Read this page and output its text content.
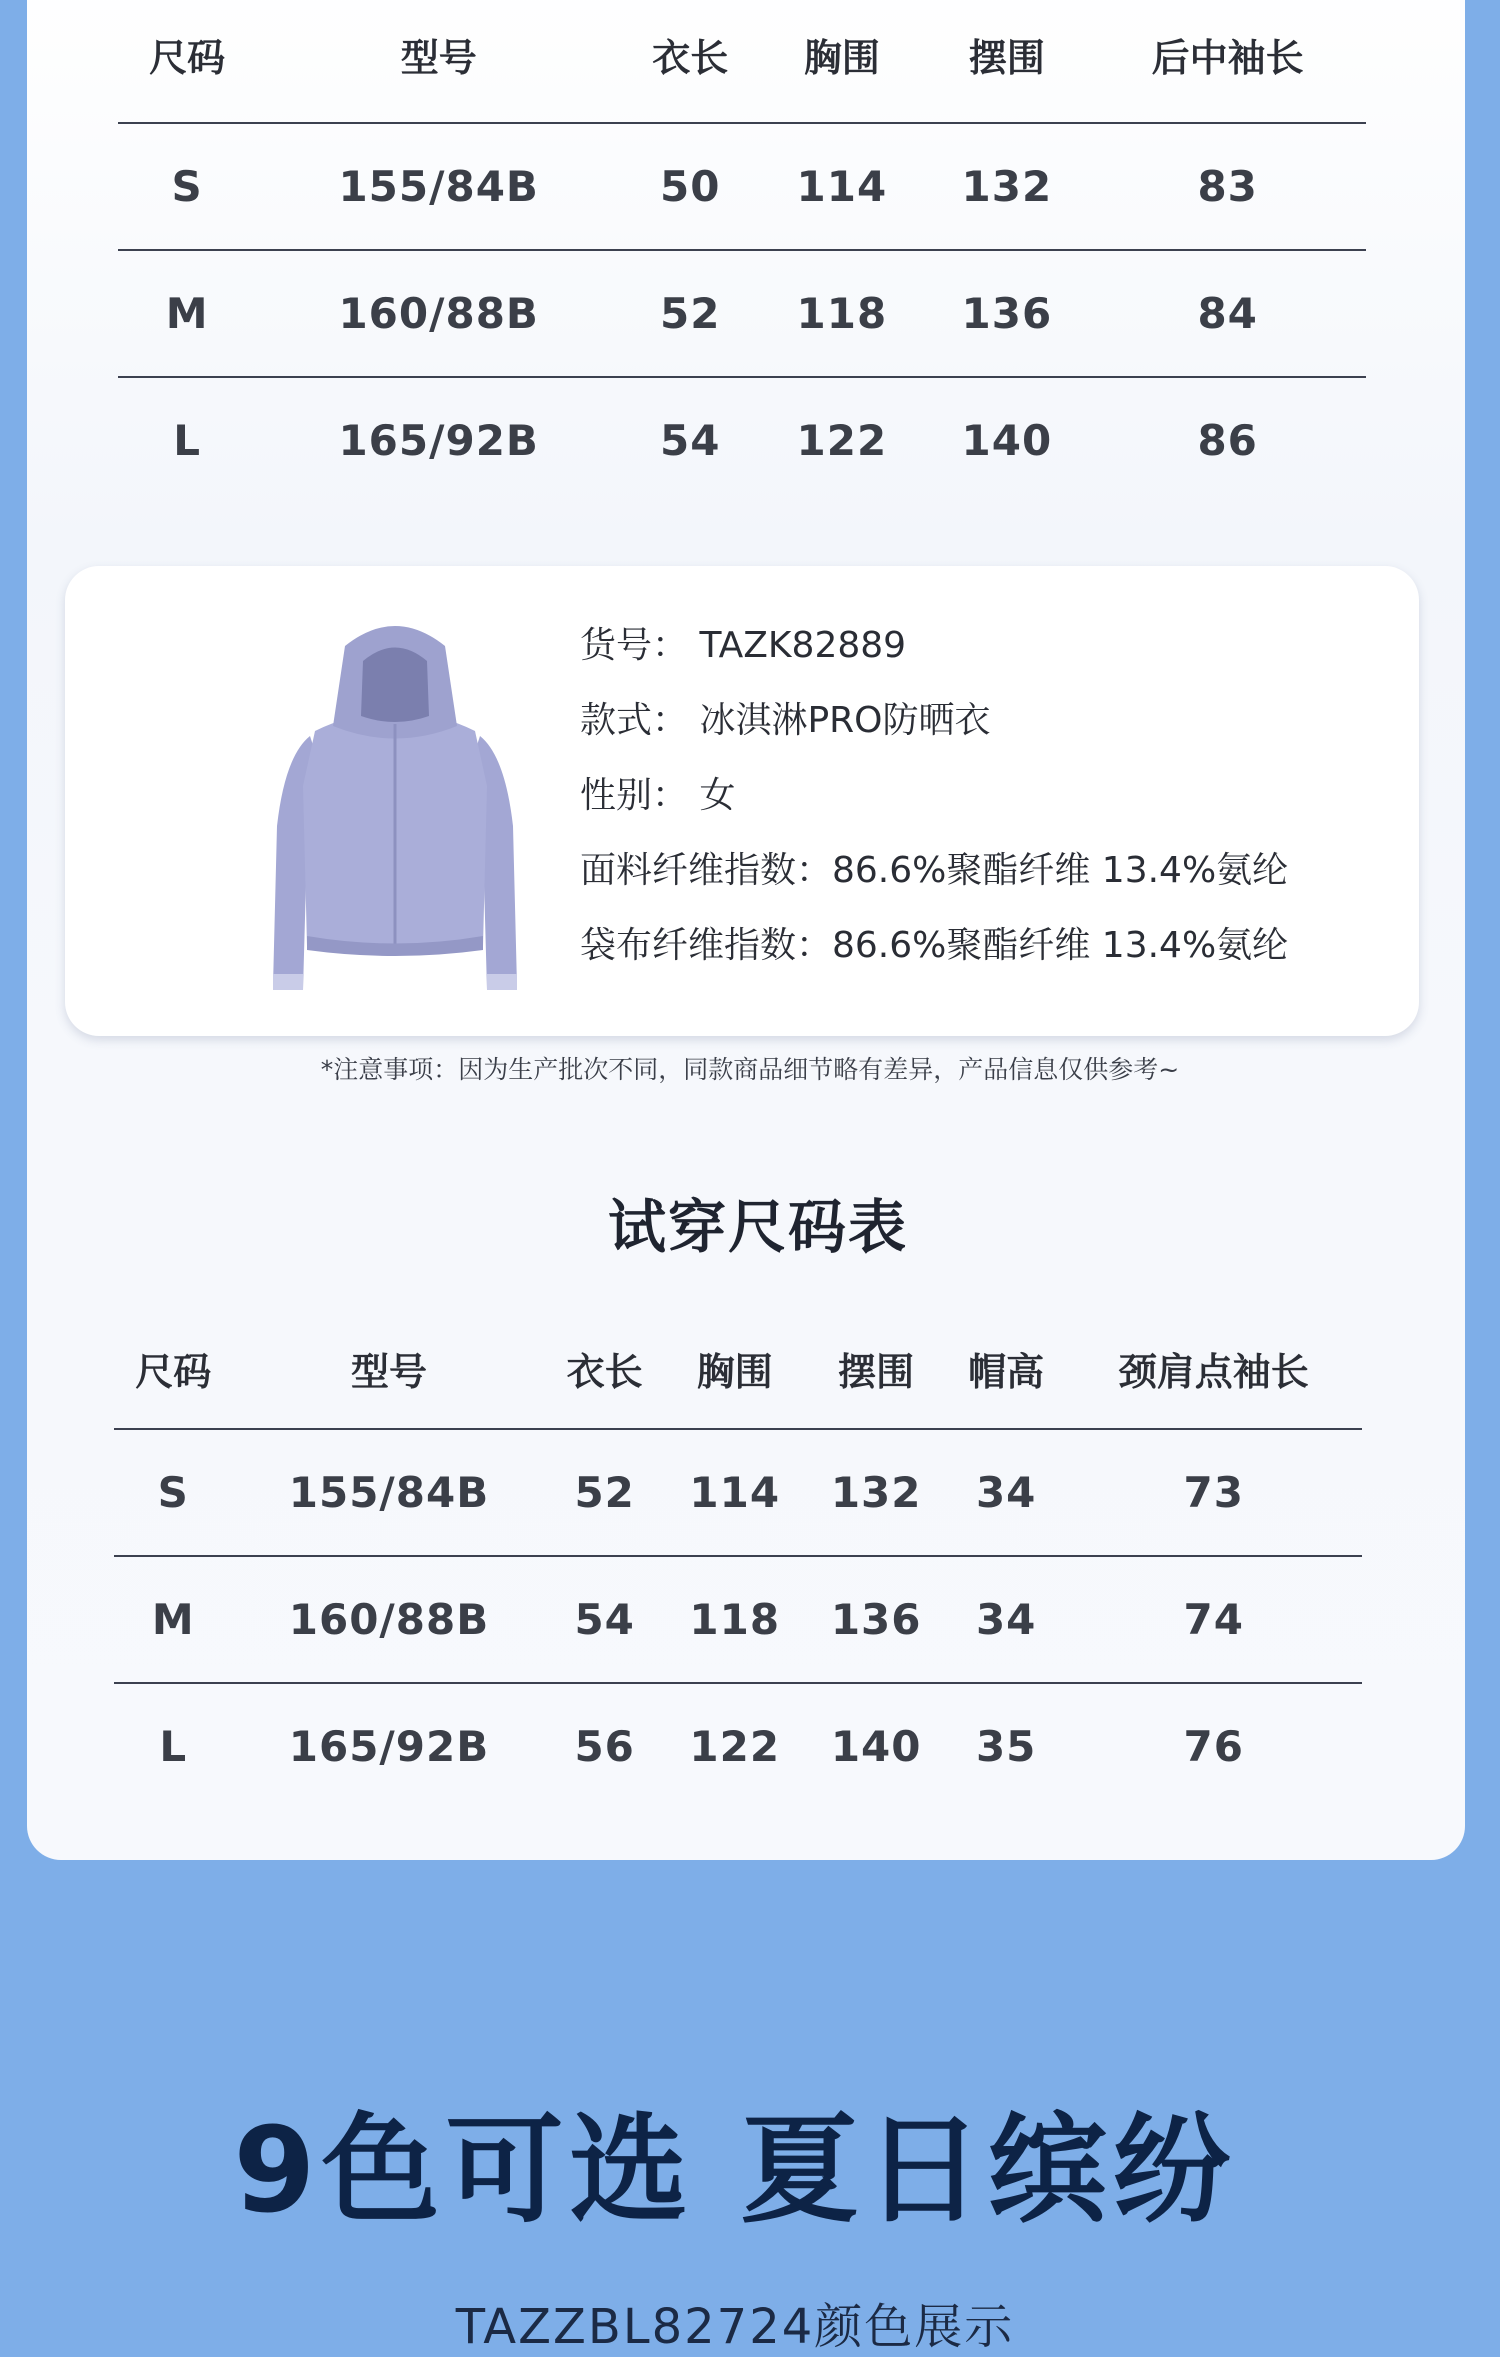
尺码	型号	衣长	胸围	摆围	后中袖长
S	155/84B	50	114	132	83
M	160/88B	52	118	136	84
L	165/92B	54	122	140	86
货号： TAZK82889
款式： 冰淇淋PRO防晒衣
性别： 女
面料纤维指数：86.6%聚酯纤维 13.4%氨纶
袋布纤维指数：86.6%聚酯纤维 13.4%氨纶
*注意事项：因为生产批次不同，同款商品细节略有差异，产品信息仅供参考~
试穿尺码表
尺码	型号	衣长	胸围	摆围	帽高	颈肩点袖长
S	155/84B	52	114	132	34	73
M	160/88B	54	118	136	34	74
L	165/92B	56	122	140	35	76
9色可选 夏日缤纷
TAZZBL82724颜色展示
